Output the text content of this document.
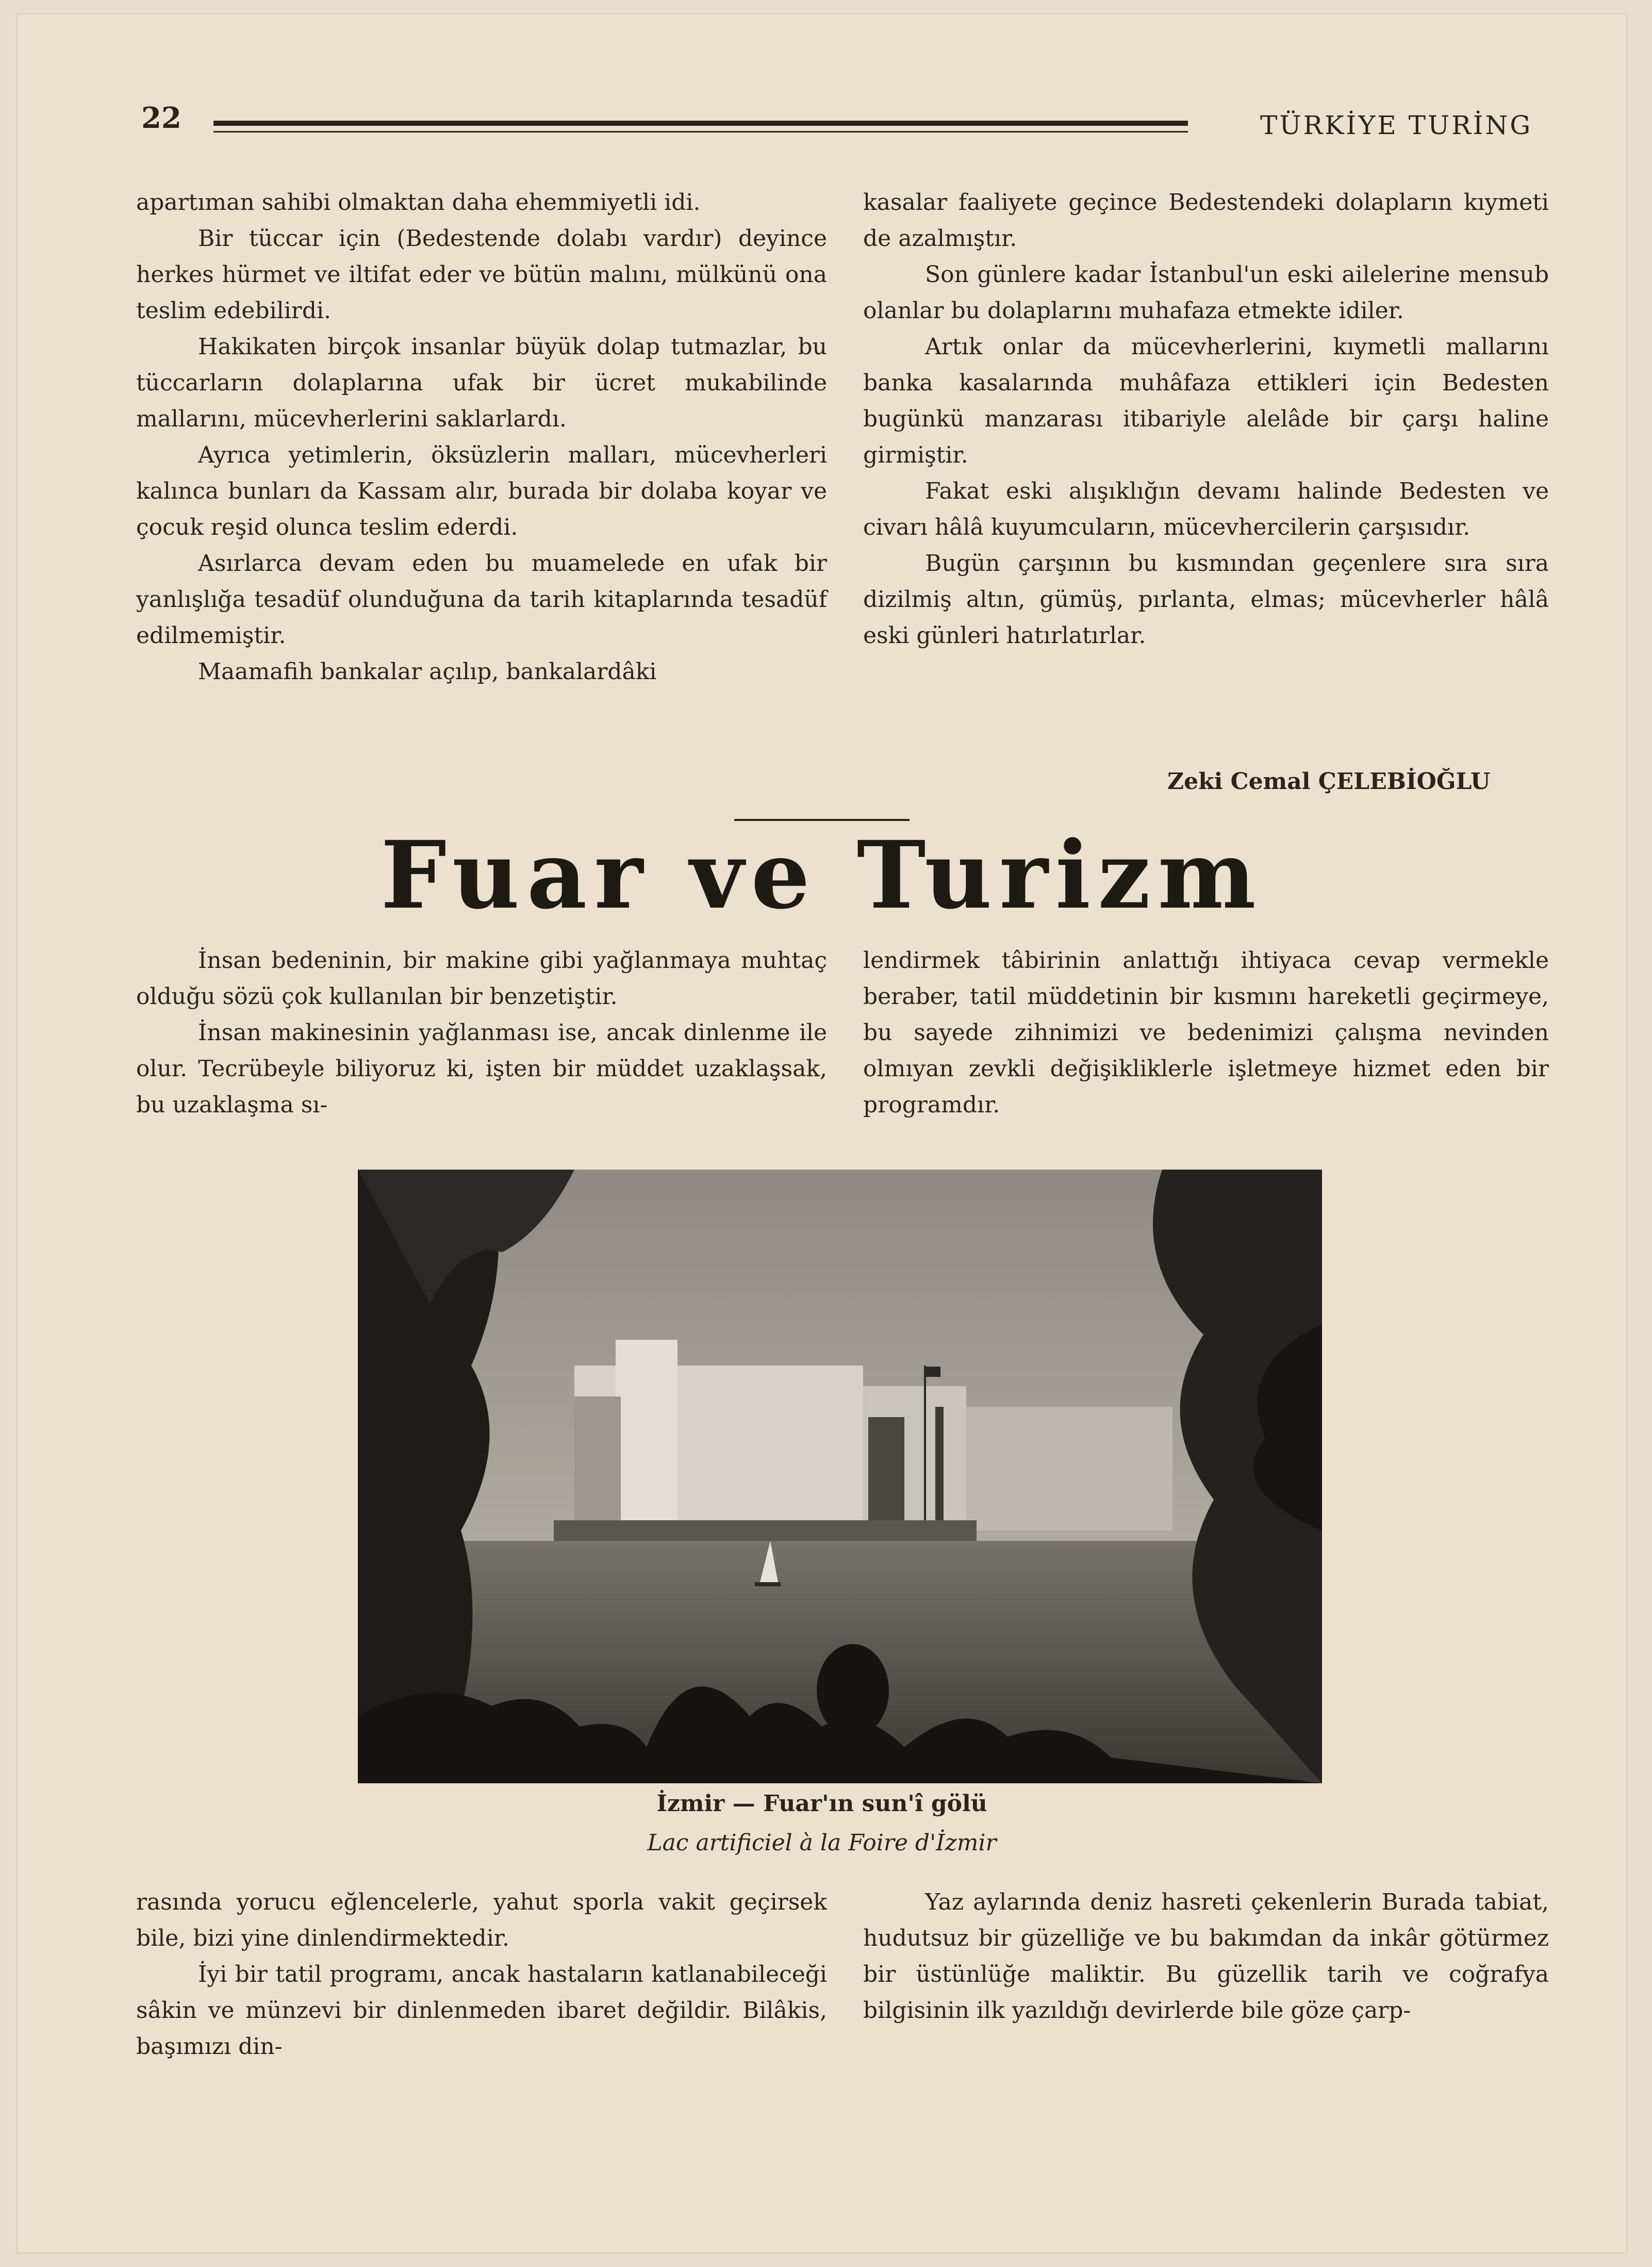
22	TÜRKİYE TURİNG

apartıman sahibi olmaktan daha ehemmiyetli idi.

Bir tüccar için (Bedestende dolabı vardır) deyince herkes hürmet ve iltifat eder ve bütün malını, mülkünü ona teslim edebilirdi.

Hakikaten birçok insanlar büyük dolap tutmazlar, bu tüccarların dolaplarına ufak bir ücret mukabilinde mallarını, mücevherlerini saklarlardı.

Ayrıca yetimlerin, öksüzlerin malları, mücevherleri kalınca bunları da Kassam alır, burada bir dolaba koyar ve çocuk reşid olunca teslim ederdi.

Asırlarca devam eden bu muamelede en ufak bir yanlışlığa tesadüf olunduğuna da tarih kitaplarında tesadüf edilmemiştir.

Maamafih bankalar açılıp, bankalardâki

kasalar faaliyete geçince Bedestendeki dolapların kıymeti de azalmıştır.

Son günlere kadar İstanbul'un eski ailelerine mensub olanlar bu dolaplarını muhafaza etmekte idiler.

Artık onlar da mücevherlerini, kıymetli mallarını banka kasalarında muhâfaza ettikleri için Bedesten bugünkü manzarası itibariyle alelâde bir çarşı haline girmiştir.

Fakat eski alışıklığın devamı halinde Bedesten ve civarı hâlâ kuyumcuların, mücevhercilerin çarşısıdır.

Bugün çarşının bu kısmından geçenlere sıra sıra dizilmiş altın, gümüş, pırlanta, elmas; mücevherler hâlâ eski günleri hatırlatırlar.

Zeki Cemal ÇELEBİOĞLU
Fuar ve Turizm

İnsan bedeninin, bir makine gibi yağlanmaya muhtaç olduğu sözü çok kullanılan bir benzetiştir.

İnsan makinesinin yağlanması ise, ancak dinlenme ile olur. Tecrübeyle biliyoruz ki, işten bir müddet uzaklaşsak, bu uzaklaşma sı-

lendirmek tâbirinin anlattığı ihtiyaca cevap vermekle beraber, tatil müddetinin bir kısmını hareketli geçirmeye, bu sayede zihnimizi ve bedenimizi çalışma nevinden olmıyan zevkli değişikliklerle işletmeye hizmet eden bir programdır.

İzmir — Fuar'ın sun'î gölü
Lac artificiel à la Foire d'İzmir

rasında yorucu eğlencelerle, yahut sporla vakit geçirsek bile, bizi yine dinlendirmektedir.

İyi bir tatil programı, ancak hastaların katlanabileceği sâkin ve münzevi bir dinlenmeden ibaret değildir. Bilâkis, başımızı din-

Yaz aylarında deniz hasreti çekenlerin Burada tabiat, hudutsuz bir güzelliğe ve bu bakımdan da inkâr götürmez bir üstünlüğe maliktir. Bu güzellik tarih ve coğrafya bilgisinin ilk yazıldığı devirlerde bile göze çarp-
